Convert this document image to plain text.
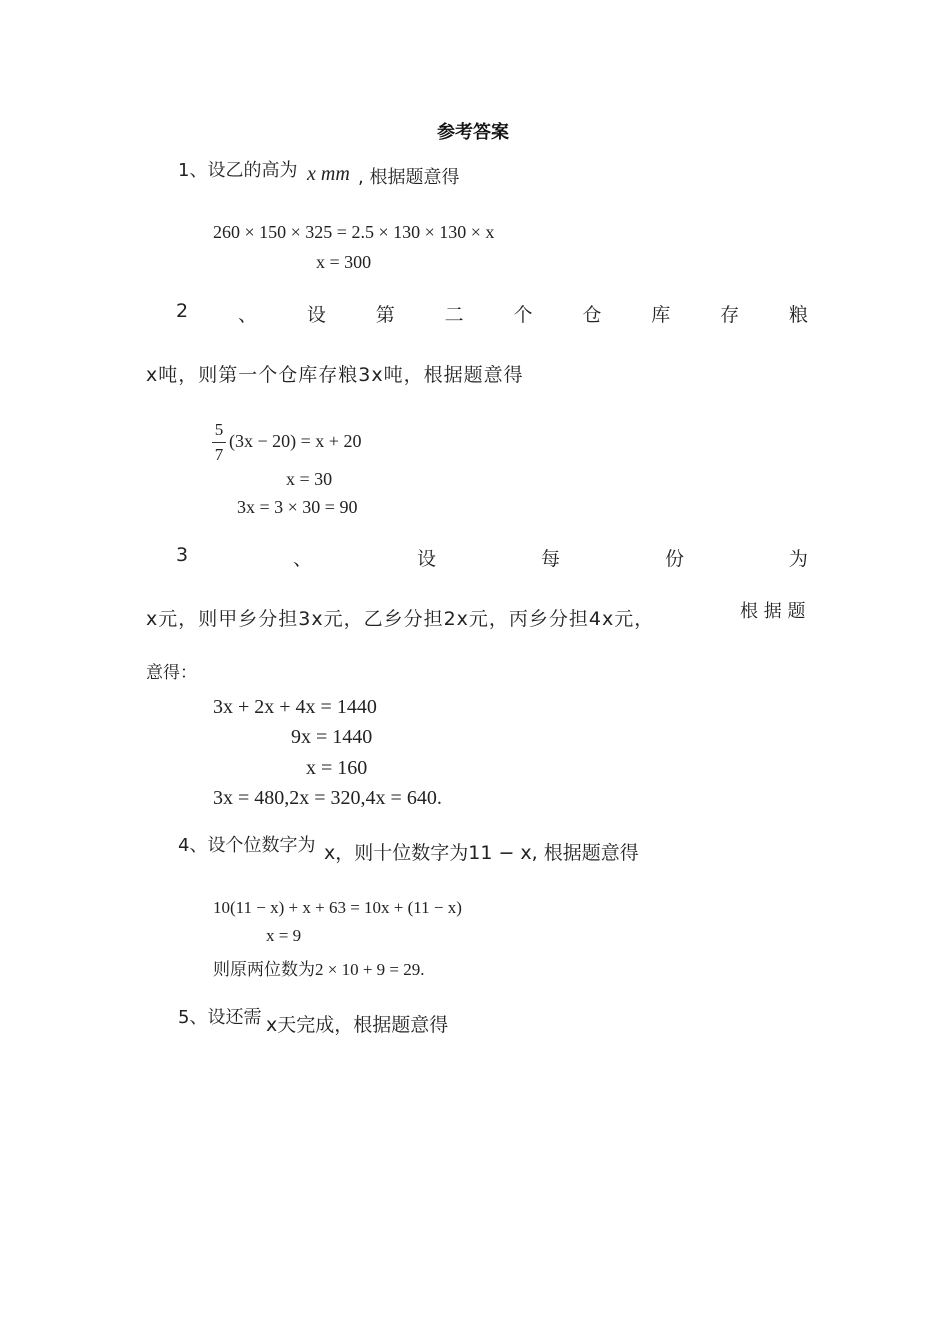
参考答案
1、设乙的高为 x mm , 根据题意得
260 × 150 × 325 = 2.5 × 130 × 130 × x
x = 300
2	、	设	第	二	个	仓	库	存	粮
x吨，则第一个仓库存粮3x吨，根据题意得
5
7
(3x − 20) = x + 20
x = 30
3x = 3 × 30 = 90
3	、	设	每	份	为
x元，则甲乡分担3x元，乙乡分担2x元，丙乡分担4x元，	根 据 题
意得：
3x + 2x + 4x = 1440
9x = 1440
x = 160
3x = 480,2x = 320,4x = 640.
4、设个位数字为 x，则十位数字为11 − x, 根据题意得
10(11 − x) + x + 63 = 10x + (11 − x)
x = 9
则原两位数为2 × 10 + 9 = 29.
5、设还需 x天完成，根据题意得
